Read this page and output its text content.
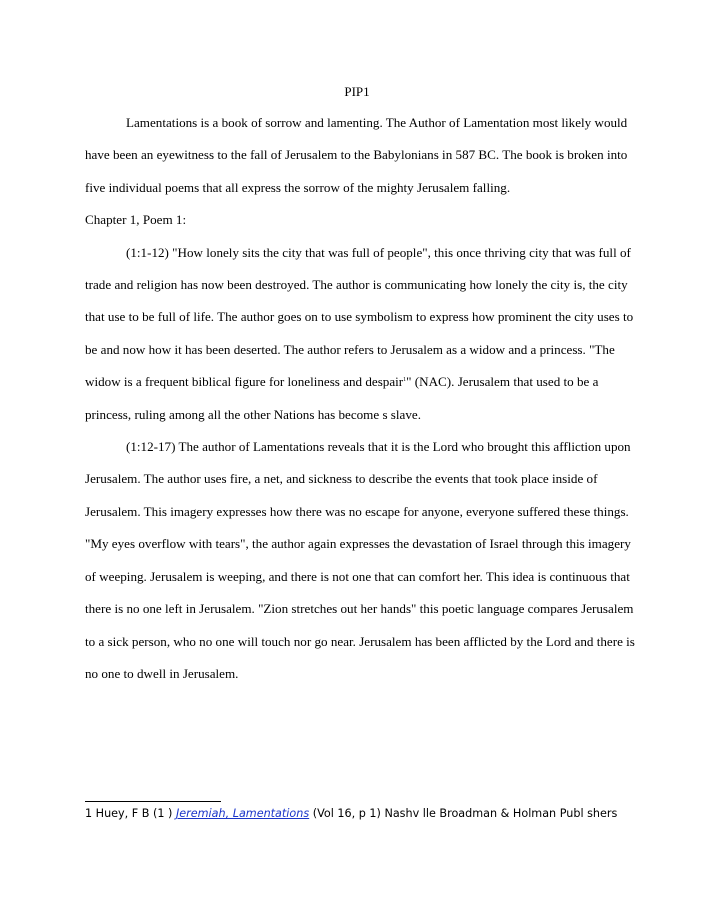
PIP1

Lamentations is a book of sorrow and lamenting. The Author of Lamentation most likely would have been an eyewitness to the fall of Jerusalem to the Babylonians in 587 BC. The book is broken into five individual poems that all express the sorrow of the mighty Jerusalem falling.

Chapter 1, Poem 1:

(1:1-12) "How lonely sits the city that was full of people", this once thriving city that was full of trade and religion has now been destroyed. The author is communicating how lonely the city is, the city that use to be full of life. The author goes on to use symbolism to express how prominent the city uses to be and now how it has been deserted. The author refers to Jerusalem as a widow and a princess. "The widow is a frequent biblical figure for loneliness and despair$^1$" (NAC). Jerusalem that used to be a princess, ruling among all the other Nations has become s slave.

(1:12-17) The author of Lamentations reveals that it is the Lord who brought this affliction upon Jerusalem. The author uses fire, a net, and sickness to describe the events that took place inside of Jerusalem. This imagery expresses how there was no escape for anyone, everyone suffered these things. "My eyes overflow with tears", the author again expresses the devastation of Israel through this imagery of weeping. Jerusalem is weeping, and there is not one that can comfort her. This idea is continuous that there is no one left in Jerusalem. "Zion stretches out her hands" this poetic language compares Jerusalem to a sick person, who no one will touch nor go near. Jerusalem has been afflicted by the Lord and there is no one to dwell in Jerusalem.

1 Huey, F B (1 ) Jeremiah, Lamentations (Vol 16, p 1) Nashv lle Broadman & Holman Publ shers
